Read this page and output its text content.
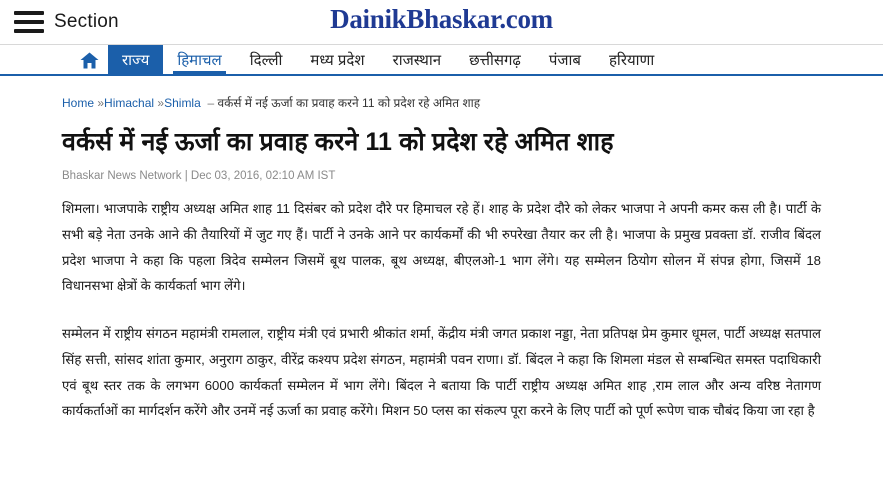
Section	DainikBhaskar.com
राज्य हिमाचल दिल्ली मध्य प्रदेश राजस्थान छत्तीसगढ़ पंजाब हरियाणा
Home »Himachal »Shimla  – वर्कर्स में नई ऊर्जा का प्रवाह करने 11 को प्रदेश रहे अमित शाह
वर्कर्स में नई ऊर्जा का प्रवाह करने 11 को प्रदेश रहे अमित शाह
Bhaskar News Network | Dec 03, 2016, 02:10 AM IST

शिमला। भाजपाके राष्ट्रीय अध्यक्ष अमित शाह 11 दिसंबर को प्रदेश दौरे पर हिमाचल रहे हें। शाह के प्रदेश दौरे को लेकर भाजपा ने अपनी कमर कस ली है। पार्टी के सभी बड़े नेता उनके आने की तैयारियों में जुट गए हैं। पार्टी ने उनके आने पर कार्यकर्मों की भी रुपरेखा तैयार कर ली है। भाजपा के प्रमुख प्रवक्ता डॉ. राजीव बिंदल प्रदेश भाजपा ने कहा कि पहला त्रिदेव सम्मेलन जिसमें बूथ पालक, बूथ अध्यक्ष, बीएलओ-1 भाग लेंगे। यह सम्मेलन ठियोग सोलन में संपन्न होगा, जिसमें 18 विधानसभा क्षेत्रों के कार्यकर्ता भाग लेंगे।

सम्मेलन में राष्ट्रीय संगठन महामंत्री रामलाल, राष्ट्रीय मंत्री एवं प्रभारी श्रीकांत शर्मा, केंद्रीय मंत्री जगत प्रकाश नड्डा, नेता प्रतिपक्ष प्रेम कुमार धूमल, पार्टी अध्यक्ष सतपाल सिंह सत्ती, सांसद शांता कुमार, अनुराग ठाकुर, वीरेंद्र कश्यप प्रदेश संगठन, महामंत्री पवन राणा। डॉ. बिंदल ने कहा कि शिमला मंडल से सम्बन्धित समस्त पदाधिकारी एवं बूथ स्तर तक के लगभग 6000 कार्यकर्ता सम्मेलन में भाग लेंगे। बिंदल ने बताया कि पार्टी राष्ट्रीय अध्यक्ष अमित शाह ,राम लाल और अन्य वरिष्ठ नेतागण कार्यकर्ताओं का मार्गदर्शन करेंगे और उनमें नई ऊर्जा का प्रवाह करेंगे। मिशन 50 प्लस का संकल्प पूरा करने के लिए पार्टी को पूर्ण रूपेण चाक चौबंद किया जा रहा है
